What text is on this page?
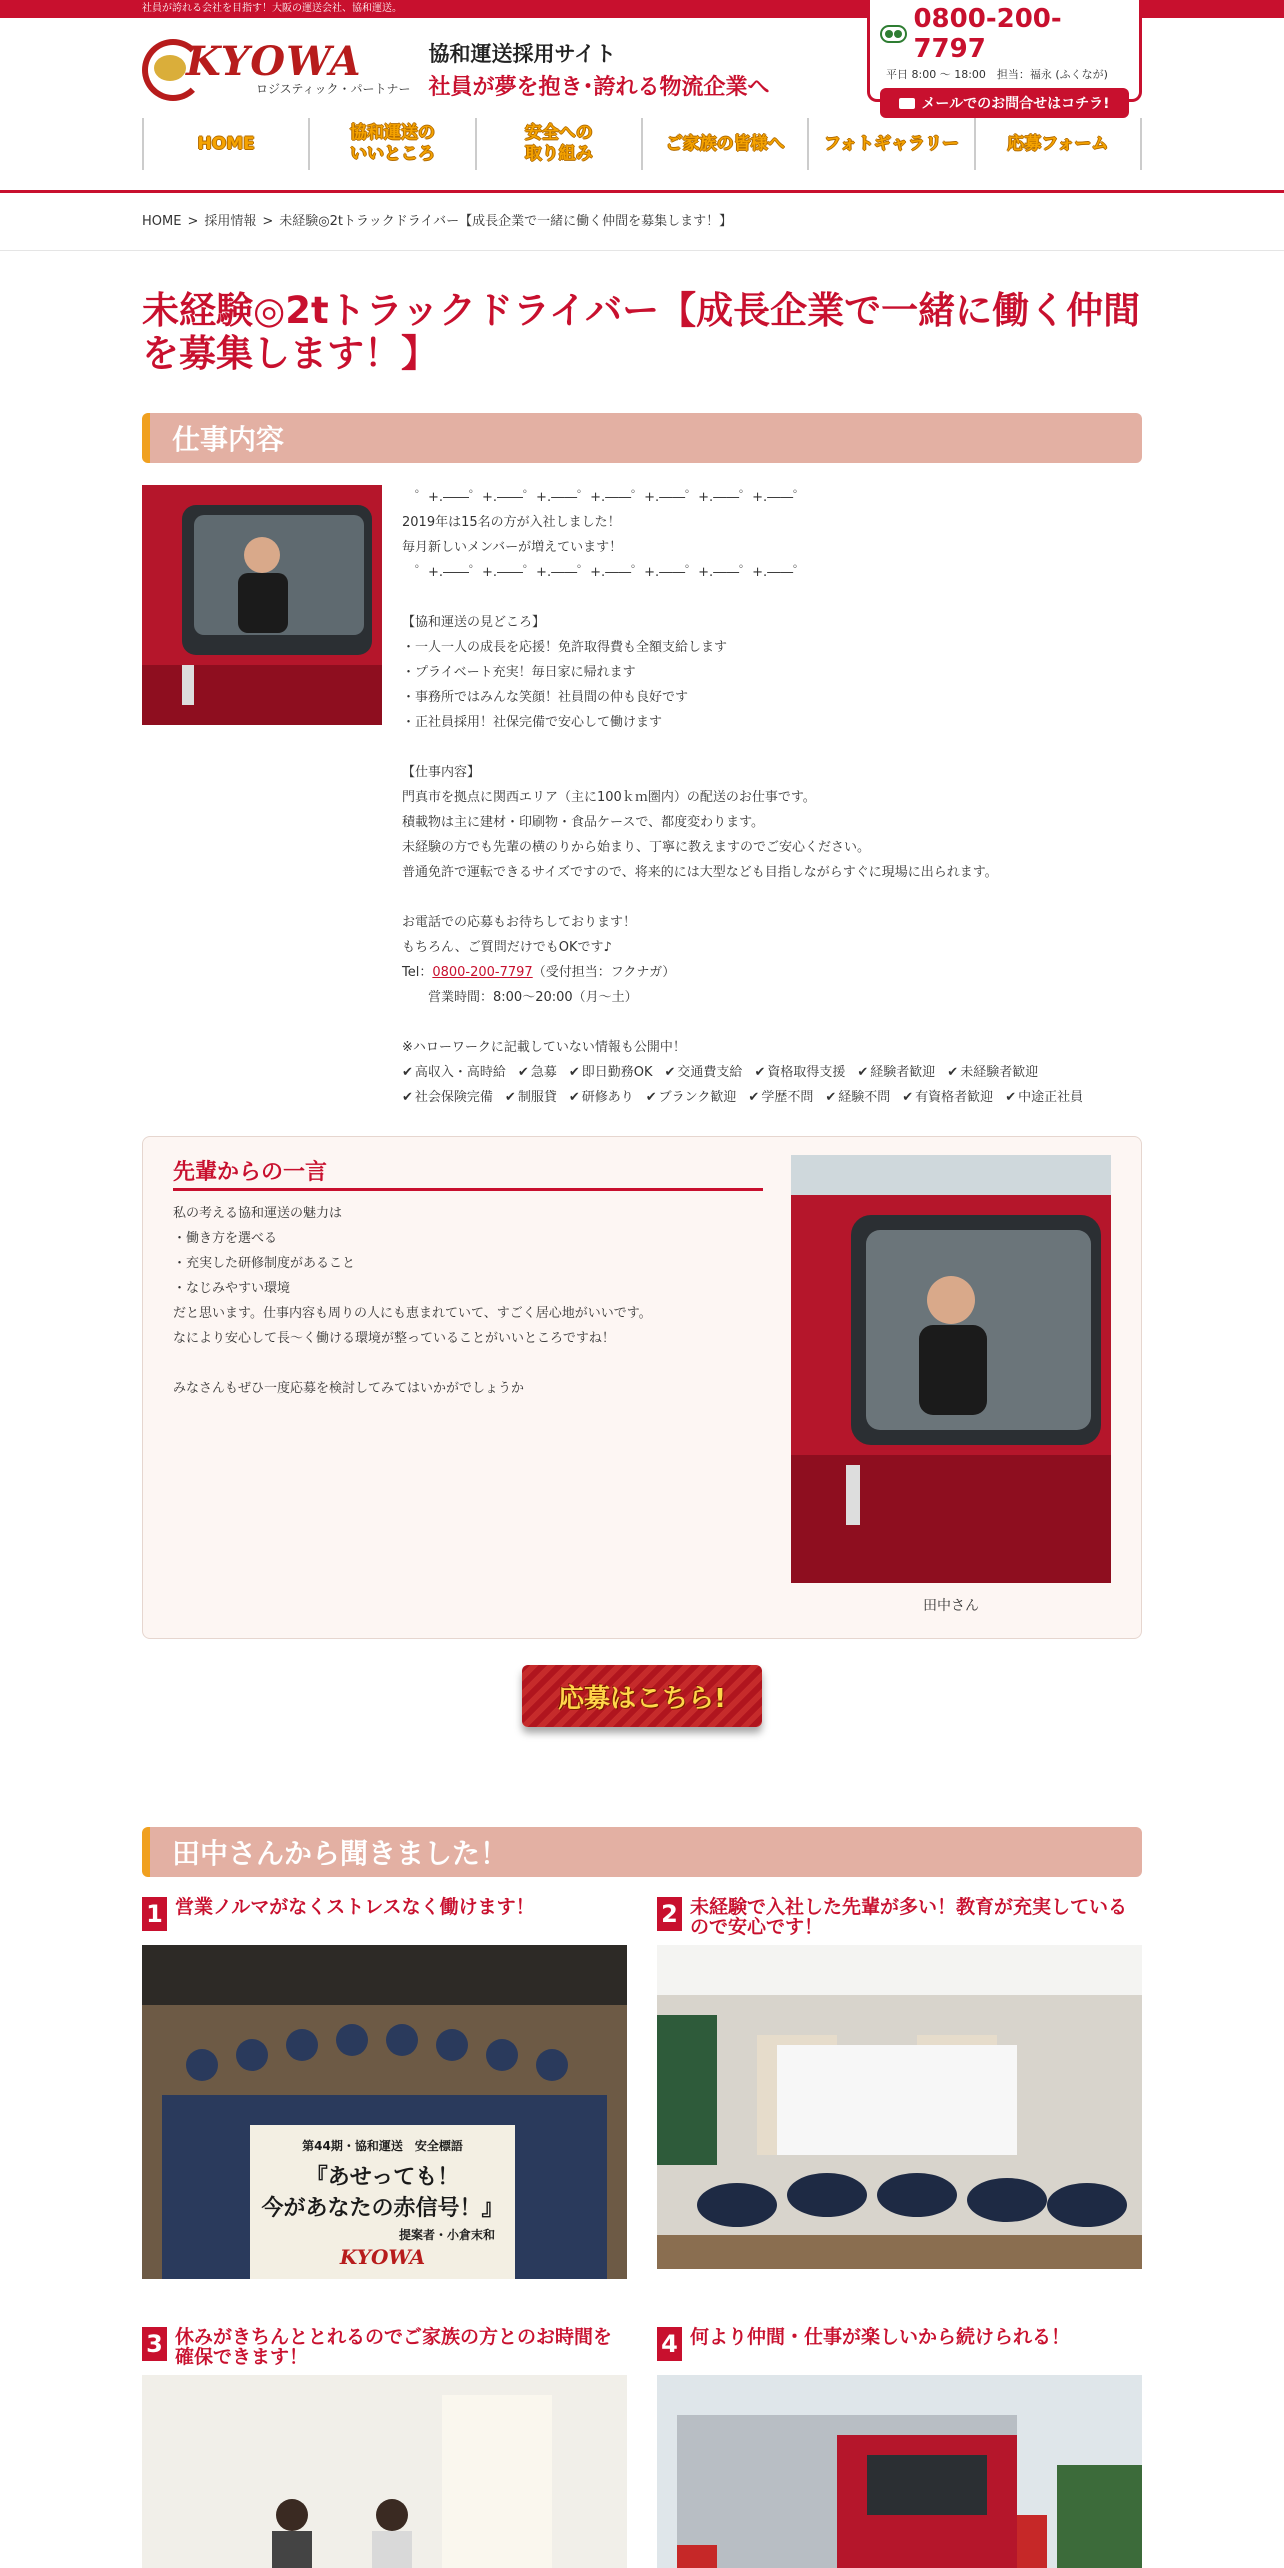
社員が誇れる会社を目指す！大阪の運送会社、協和運送。
KYOWA
ロジスティック・パートナー
協和運送採用サイト
社員が夢を抱き･誇れる物流企業へ
0800-200-7797
平日 8:00 ～ 18:00　担当：福永 (ふくなが)
メールでのお問合せはコチラ!
HOME
協和運送の
いいところ
安全への
取り組み
ご家族の皆様へ	フォトギャラリー	応募フォーム
HOME > 採用情報 > 未経験◎2tトラックドライバー【成長企業で一緒に働く仲間を募集します！】
未経験◎2tトラックドライバー【成長企業で一緒に働く仲間を募集します！】
仕事内容
　゜+.――゜+.――゜+.――゜+.――゜+.――゜+.――゜+.――゜
2019年は15名の方が入社しました！
毎月新しいメンバーが増えています！
　゜+.――゜+.――゜+.――゜+.――゜+.――゜+.――゜+.――゜
【協和運送の見どころ】
・一人一人の成長を応援！免許取得費も全額支給します
・プライベート充実！毎日家に帰れます
・事務所ではみんな笑顔！社員間の仲も良好です
・正社員採用！社保完備で安心して働けます
【仕事内容】
門真市を拠点に関西エリア（主に100ｋｍ圏内）の配送のお仕事です。
積載物は主に建材・印刷物・食品ケースで、都度変わります。
未経験の方でも先輩の横のりから始まり、丁寧に教えますのでご安心ください。
普通免許で運転できるサイズですので、将来的には大型なども目指しながらすぐに現場に出られます。
お電話での応募もお待ちしております！
もちろん、ご質問だけでもOKです♪
Tel：0800-200-7797（受付担当：フクナガ）
　　営業時間：8:00～20:00（月～土）
※ハローワークに記載していない情報も公開中！
✔ 高収入・高時給	✔ 急募	✔ 即日勤務OK	✔ 交通費支給	✔ 資格取得支援	✔ 経験者歓迎	✔ 未経験者歓迎
✔ 社会保険完備	✔ 制服貸	✔ 研修あり	✔ ブランク歓迎	✔ 学歴不問	✔ 経験不問	✔ 有資格者歓迎	✔ 中途正社員
先輩からの一言
私の考える協和運送の魅力は
・働き方を選べる
・充実した研修制度があること
・なじみやすい環境
だと思います。仕事内容も周りの人にも恵まれていて、すごく居心地がいいです。
なにより安心して長～く働ける環境が整っていることがいいところですね！

みなさんもぜひ一度応募を検討してみてはいかがでしょうか
田中さん
応募はこちら!
田中さんから聞きました！
1 営業ノルマがなくストレスなく働けます！
第44期・協和運送　安全標語
『あせっても！
今があなたの赤信号！』
提案者・小倉末和
KYOWA
2 未経験で入社した先輩が多い！教育が充実しているので安心です！
3 休みがきちんととれるのでご家族の方とのお時間を確保できます！	4 何より仲間・仕事が楽しいから続けられる！
